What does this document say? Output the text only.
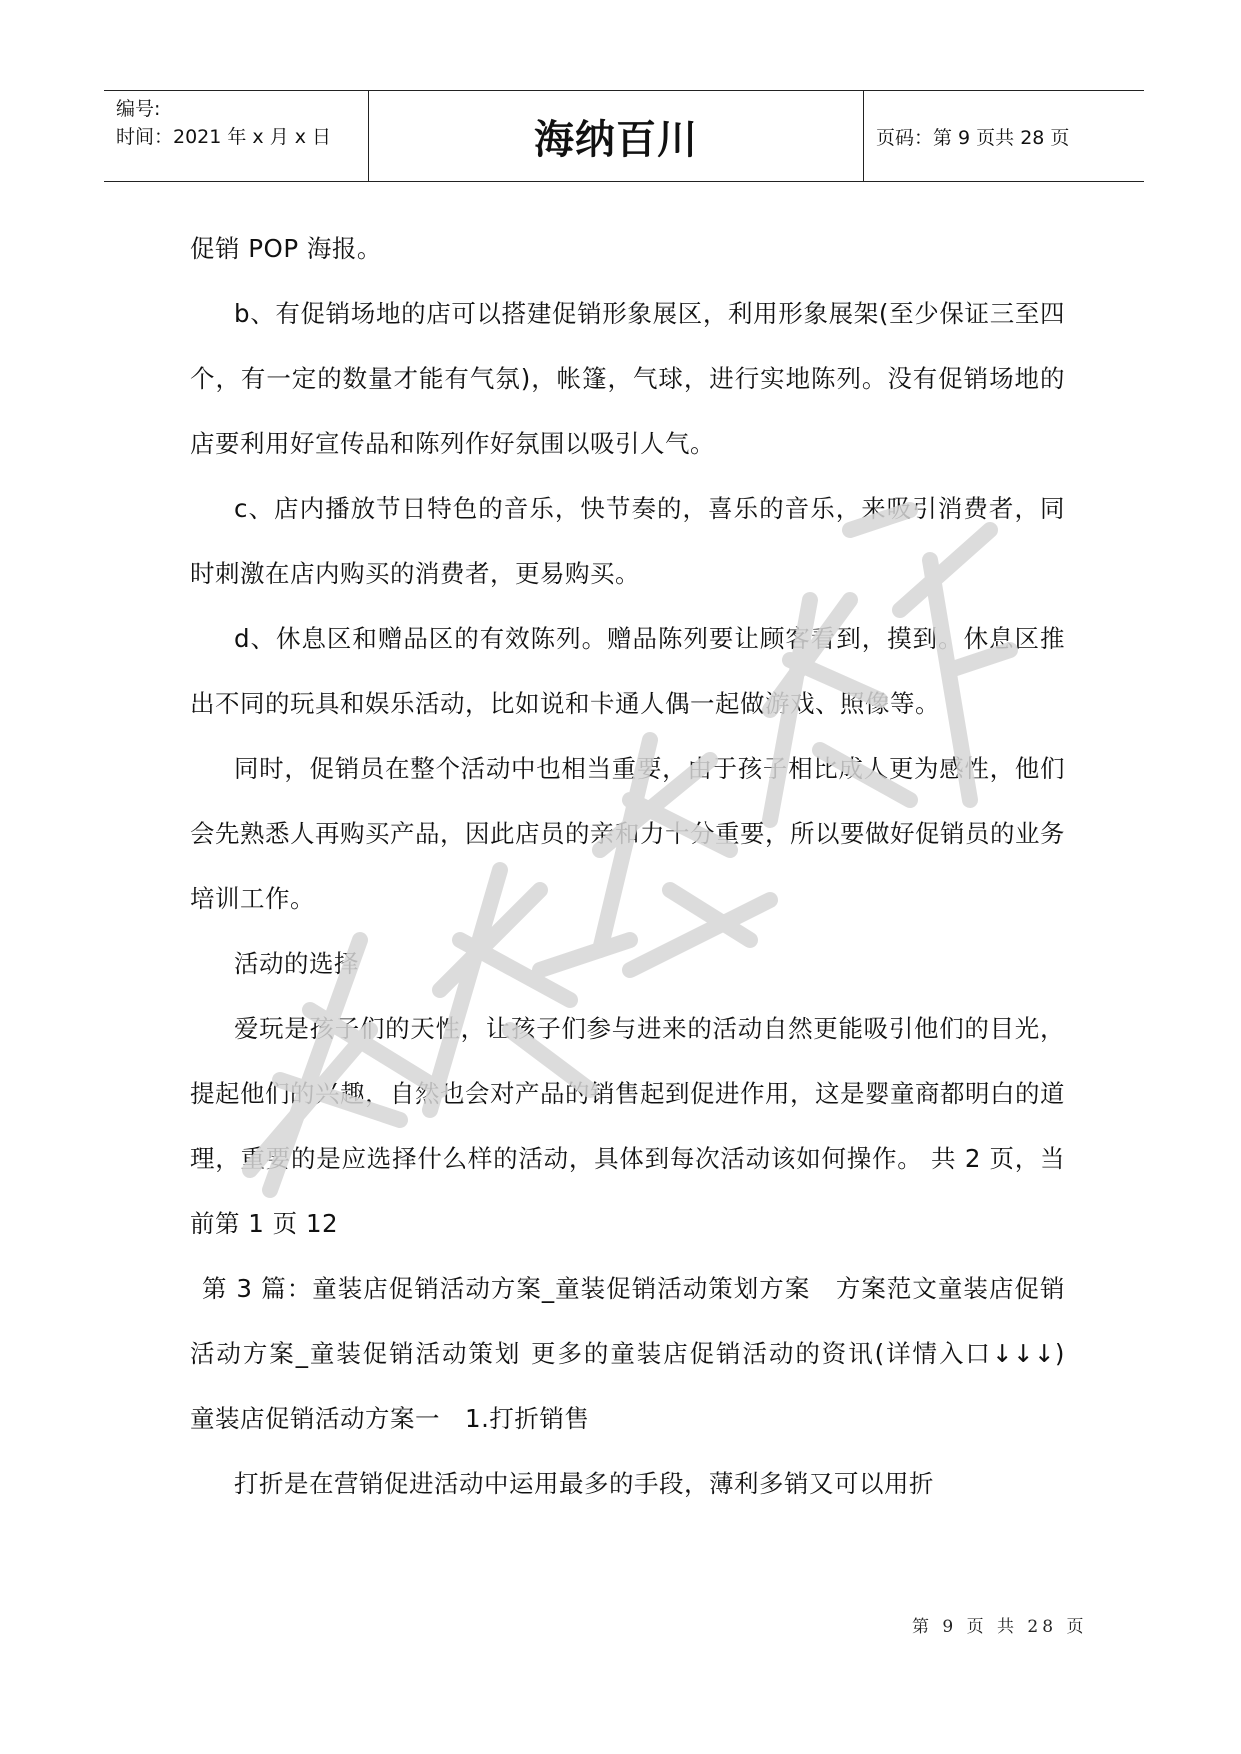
编号:
时间：2021 年 x 月 x 日	海纳百川	页码：第 9 页共 28 页

促销 POP 海报。

b、有促销场地的店可以搭建促销形象展区，利用形象展架(至少保证三至四个，有一定的数量才能有气氛)，帐篷，气球，进行实地陈列。没有促销场地的店要利用好宣传品和陈列作好氛围以吸引人气。

c、店内播放节日特色的音乐，快节奏的，喜乐的音乐，来吸引消费者，同时刺激在店内购买的消费者，更易购买。

d、休息区和赠品区的有效陈列。赠品陈列要让顾客看到，摸到。休息区推出不同的玩具和娱乐活动，比如说和卡通人偶一起做游戏、照像等。

同时，促销员在整个活动中也相当重要，由于孩子相比成人更为感性，他们会先熟悉人再购买产品，因此店员的亲和力十分重要，所以要做好促销员的业务培训工作。

活动的选择

爱玩是孩子们的天性，让孩子们参与进来的活动自然更能吸引他们的目光，提起他们的兴趣，自然也会对产品的销售起到促进作用，这是婴童商都明白的道理，重要的是应选择什么样的活动，具体到每次活动该如何操作。 共 2 页，当前第 1 页 12

第 3 篇：童装店促销活动方案_童装促销活动策划方案　方案范文童装店促销活动方案_童装促销活动策划 更多的童装店促销活动的资讯(详情入口↓↓↓)　童装店促销活动方案一　1.打折销售

打折是在营销促进活动中运用最多的手段，薄利多销又可以用折

第 9 页 共 28 页
